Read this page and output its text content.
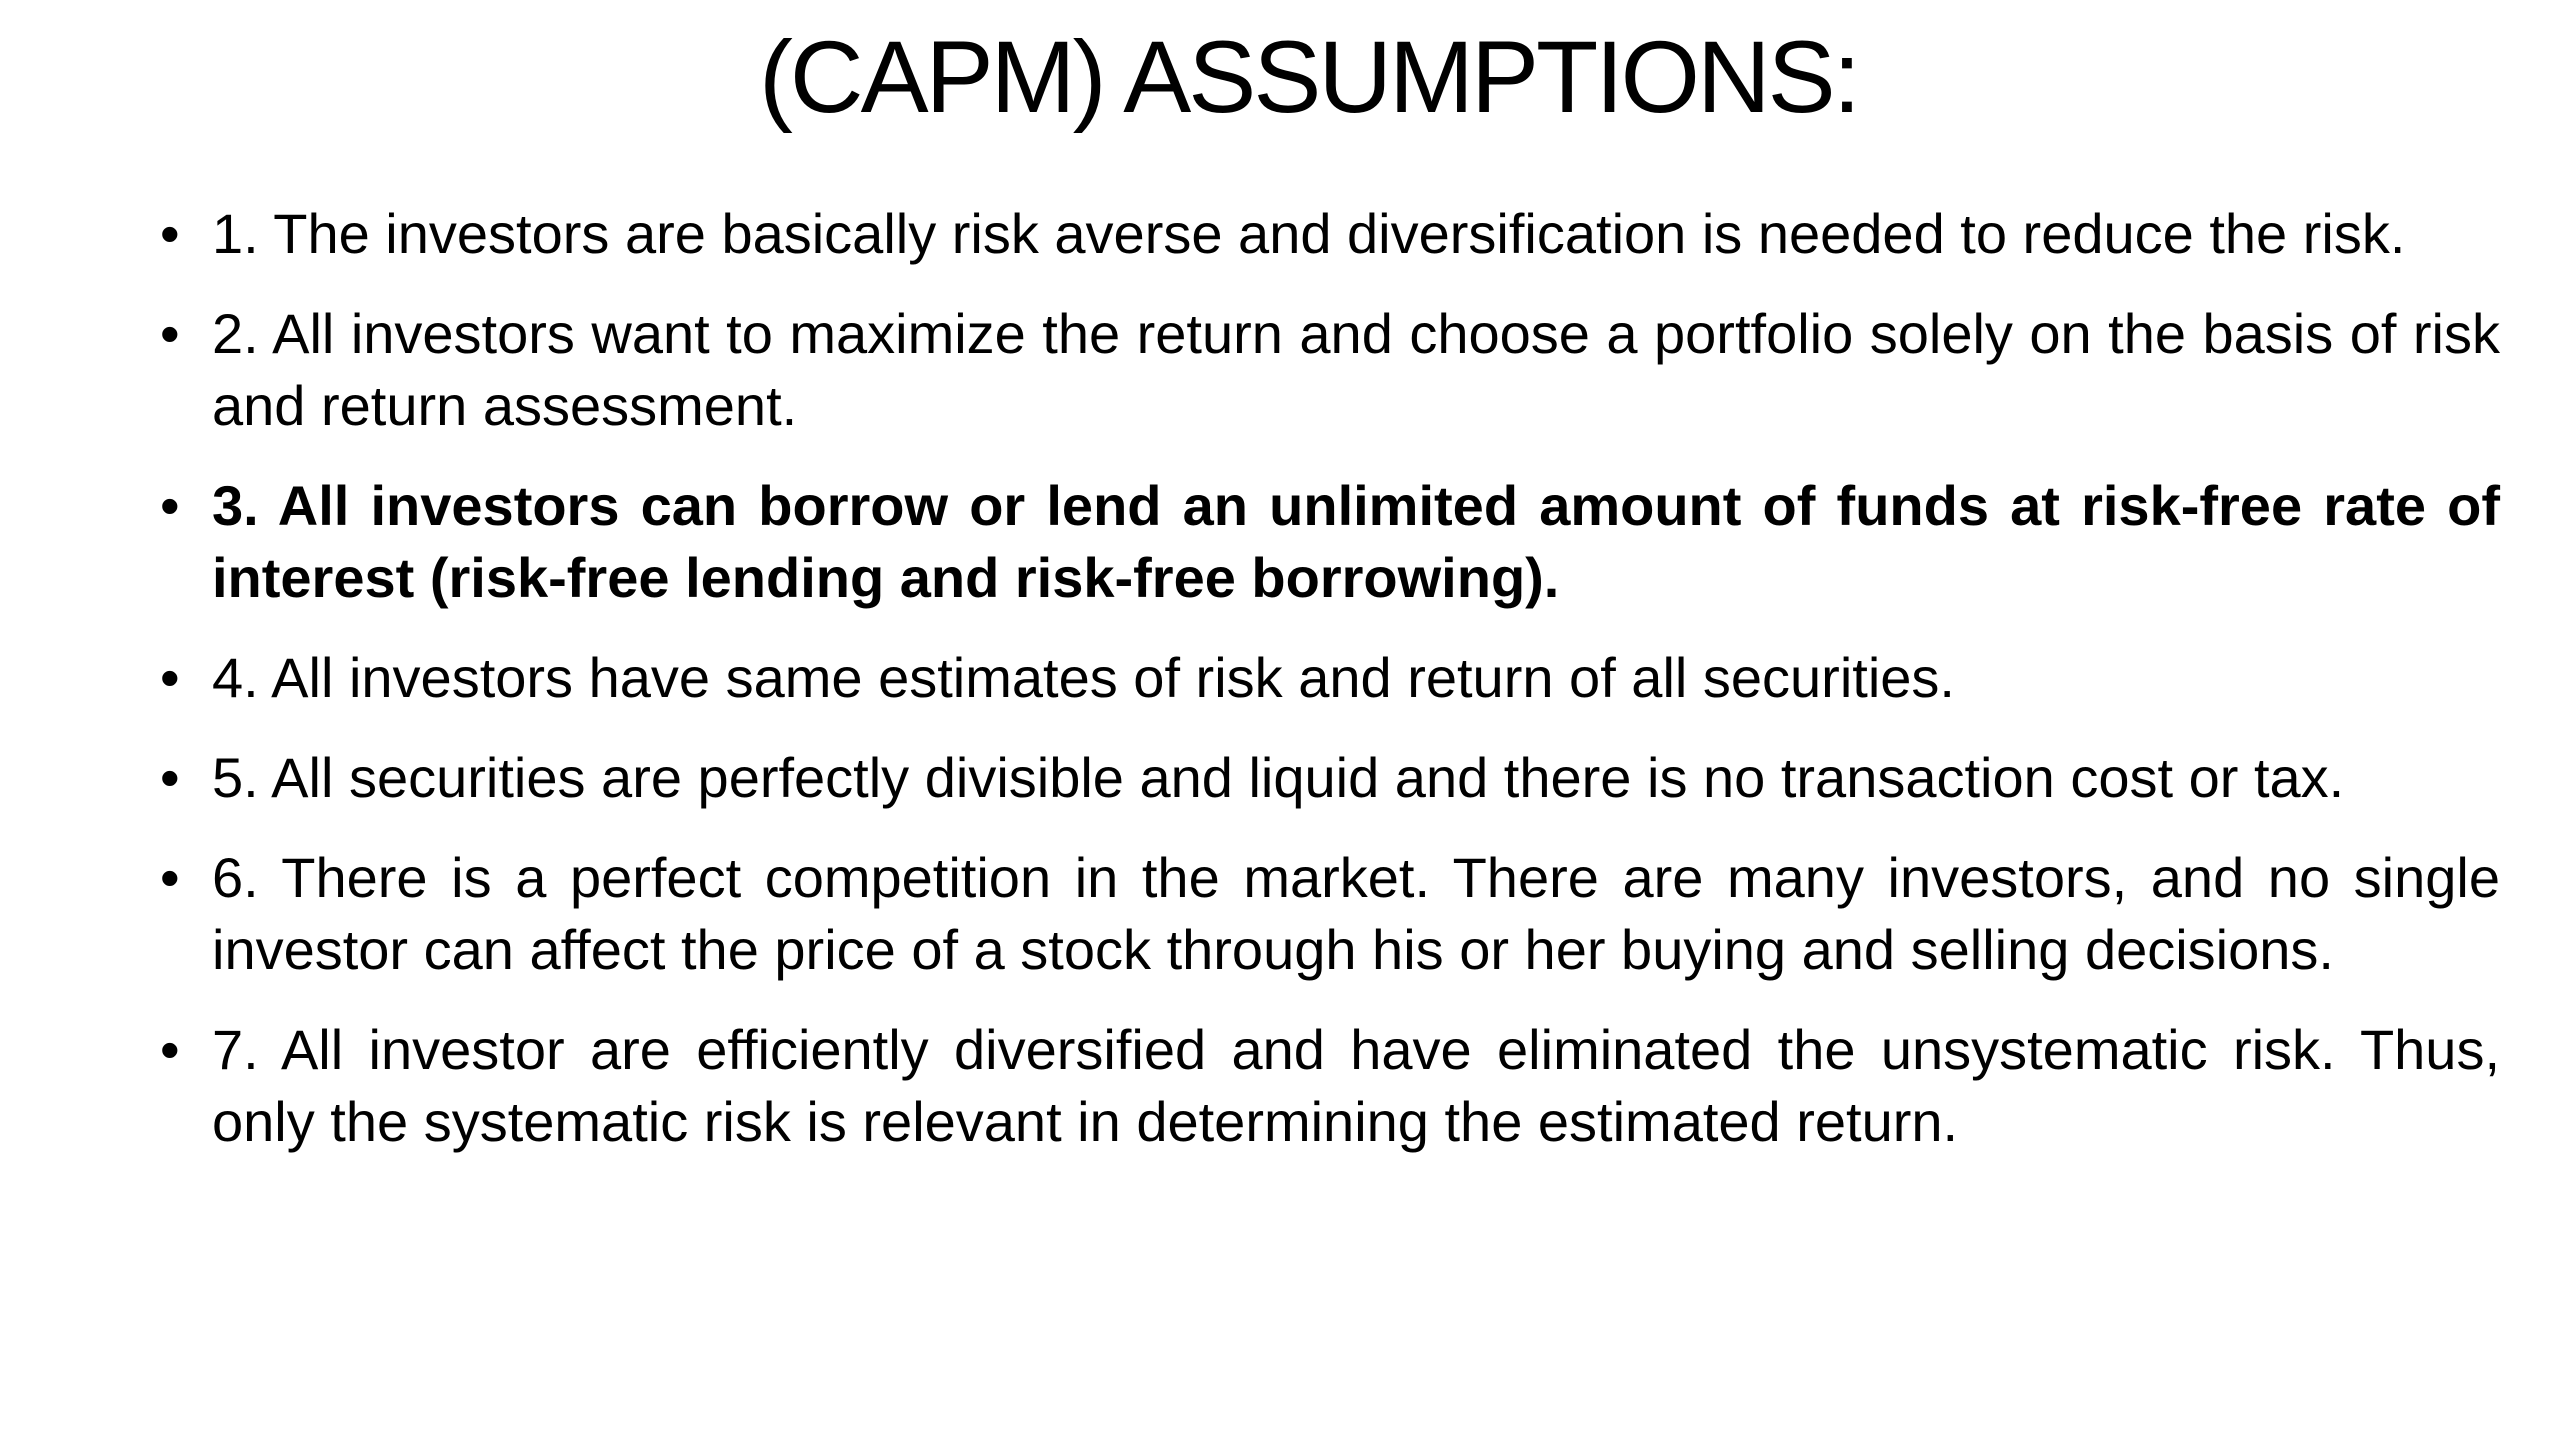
(CAPM) ASSUMPTIONS:
• 1. The investors are basically risk averse and diversification is needed to reduce the risk.
• 2. All investors want to maximize the return and choose a portfolio solely on the basis of risk and return assessment.
• 3. All investors can borrow or lend an unlimited amount of funds at risk-free rate of interest (risk-free lending and risk-free borrowing).
• 4. All investors have same estimates of risk and return of all securities.
• 5. All securities are perfectly divisible and liquid and there is no transaction cost or tax.
• 6. There is a perfect competition in the market. There are many investors, and no single investor can affect the price of a stock through his or her buying and selling decisions.
• 7. All investor are efficiently diversified and have eliminated the unsystematic risk. Thus, only the systematic risk is relevant in determining the estimated return.
